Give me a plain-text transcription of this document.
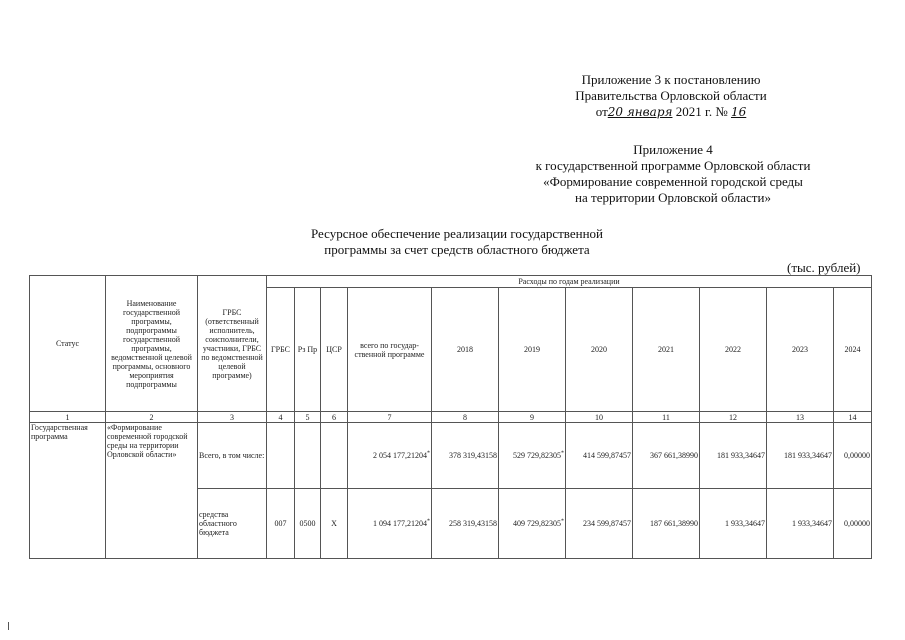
Приложение 3 к постановлению
Правительства Орловской области
от20 января 2021 г. № 16
Приложение 4
к государственной программе Орловской области
«Формирование современной городской среды
на территории Орловской области»
Ресурсное обеспечение реализации государственной
программы за счет средств областного бюджета
(тыс. рублей)
Статус	Наименование государственной программы, подпрограммы государственной программы, ведомственной целевой программы, основного мероприятия подпрограммы	ГРБС (ответственный исполнитель, соисполнители, участники, ГРБС по ведомственной целевой программе)	Расходы по годам реализации										
			ГРБС	Рз Пр	ЦСР	всего по государ-ственной программе	2018	2019	2020	2021	2022	2023	2024
1	2	3	4	5	6	7	8	9	10	11	12	13	14
Государственная программа	«Формирование современной городской среды на территории Орловской области»	Всего, в том числе:				2 054 177,21204*	378 319,43158	529 729,82305*	414 599,87457	367 661,38990	181 933,34647	181 933,34647	0,00000
		средства областного бюджета	007	0500	Х	1 094 177,21204*	258 319,43158	409 729,82305*	234 599,87457	187 661,38990	1 933,34647	1 933,34647	0,00000
